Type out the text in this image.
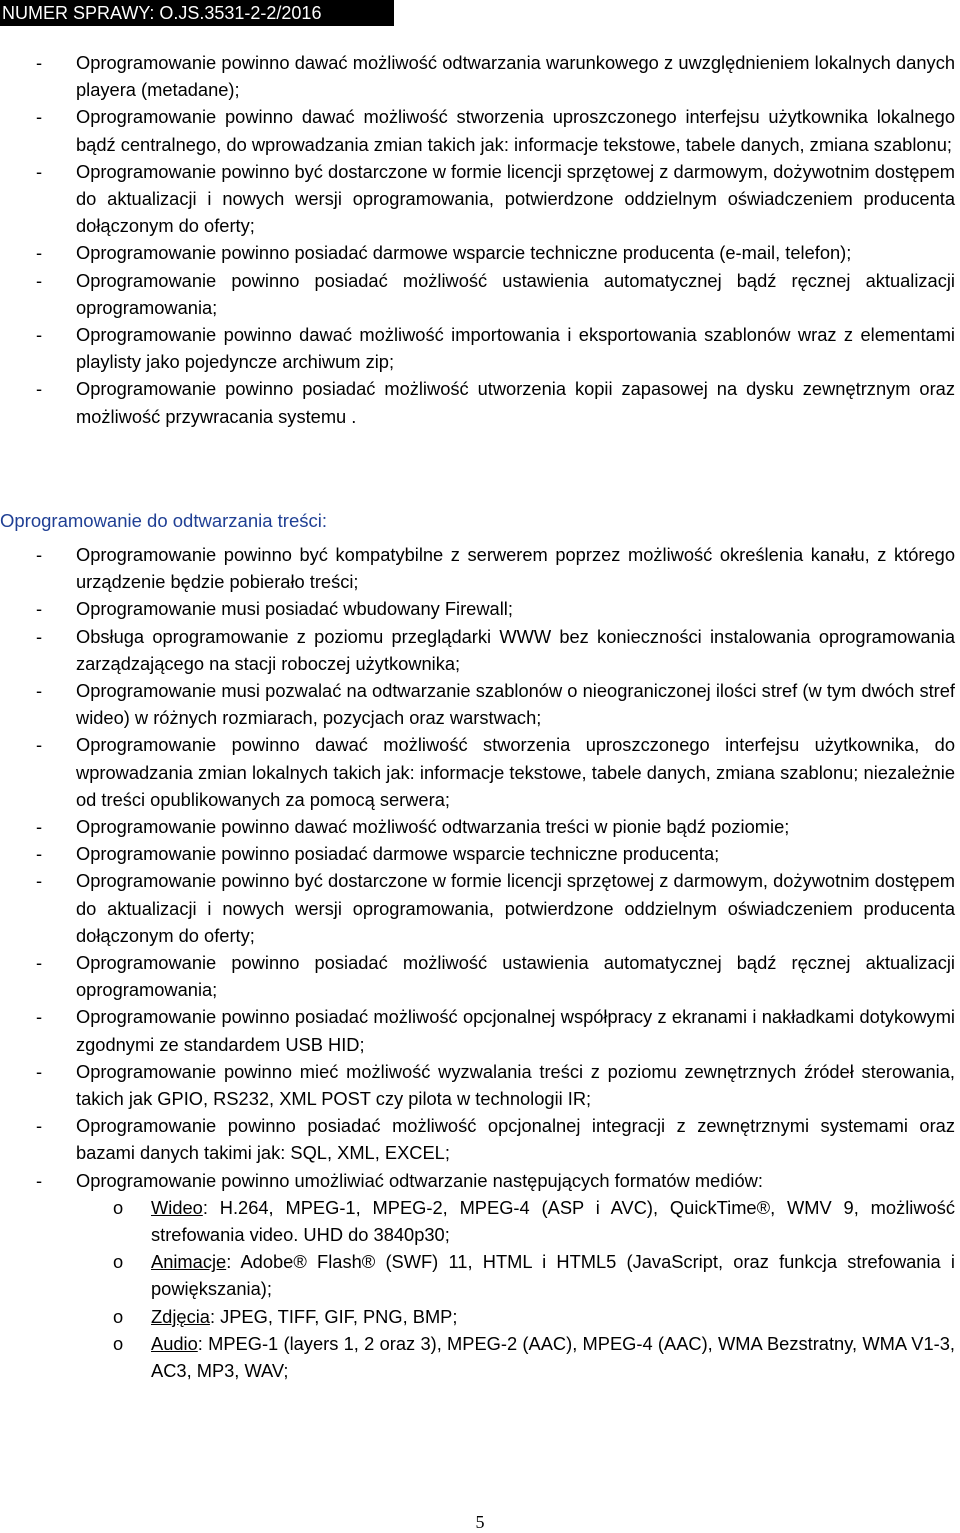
NUMER SPRAWY: O.JS.3531-2-2/2016
- Oprogramowanie powinno dawać możliwość odtwarzania warunkowego z uwzględnieniem lokalnych danych playera (metadane);
- Oprogramowanie powinno dawać możliwość stworzenia uproszczonego interfejsu użytkownika lokalnego bądź centralnego, do wprowadzania zmian takich jak: informacje tekstowe, tabele danych, zmiana szablonu;
- Oprogramowanie powinno być dostarczone w formie licencji sprzętowej z darmowym, dożywotnim dostępem do aktualizacji i nowych wersji oprogramowania, potwierdzone oddzielnym oświadczeniem producenta dołączonym do oferty;
- Oprogramowanie powinno posiadać darmowe wsparcie techniczne producenta (e-mail, telefon);
- Oprogramowanie powinno posiadać możliwość ustawienia automatycznej bądź ręcznej aktualizacji oprogramowania;
- Oprogramowanie powinno dawać możliwość importowania i eksportowania szablonów wraz z elementami playlisty jako pojedyncze archiwum zip;
- Oprogramowanie powinno posiadać możliwość utworzenia kopii zapasowej na dysku zewnętrznym oraz możliwość przywracania systemu .
Oprogramowanie do odtwarzania treści:
- Oprogramowanie powinno być kompatybilne z serwerem poprzez możliwość określenia kanału, z którego urządzenie będzie pobierało treści;
- Oprogramowanie musi posiadać wbudowany Firewall;
- Obsługa oprogramowanie z poziomu przeglądarki WWW bez konieczności instalowania oprogramowania zarządzającego na stacji roboczej użytkownika;
- Oprogramowanie musi pozwalać na odtwarzanie szablonów o nieograniczonej ilości stref (w tym dwóch stref wideo) w różnych rozmiarach, pozycjach oraz warstwach;
- Oprogramowanie powinno dawać możliwość stworzenia uproszczonego interfejsu użytkownika, do wprowadzania zmian lokalnych takich jak: informacje tekstowe, tabele danych, zmiana szablonu; niezależnie od treści opublikowanych za pomocą serwera;
- Oprogramowanie powinno dawać możliwość odtwarzania treści w pionie bądź poziomie;
- Oprogramowanie powinno posiadać darmowe wsparcie techniczne producenta;
- Oprogramowanie powinno być dostarczone w formie licencji sprzętowej z darmowym, dożywotnim dostępem do aktualizacji i nowych wersji oprogramowania, potwierdzone oddzielnym oświadczeniem producenta dołączonym do oferty;
- Oprogramowanie powinno posiadać możliwość ustawienia automatycznej bądź ręcznej aktualizacji oprogramowania;
- Oprogramowanie powinno posiadać możliwość opcjonalnej współpracy z ekranami i nakładkami dotykowymi zgodnymi ze standardem USB HID;
- Oprogramowanie powinno mieć możliwość wyzwalania treści z poziomu zewnętrznych źródeł sterowania, takich jak GPIO, RS232, XML POST czy pilota w technologii IR;
- Oprogramowanie powinno posiadać możliwość opcjonalnej integracji z zewnętrznymi systemami oraz bazami danych takimi jak: SQL, XML, EXCEL;
- Oprogramowanie powinno umożliwiać odtwarzanie następujących formatów mediów:
o Wideo: H.264, MPEG-1, MPEG-2, MPEG-4 (ASP i AVC), QuickTime®, WMV 9, możliwość strefowania video. UHD do 3840p30;
o Animacje: Adobe® Flash® (SWF) 11, HTML i HTML5 (JavaScript, oraz funkcja strefowania i powiększania);
o Zdjęcia: JPEG, TIFF, GIF, PNG, BMP;
o Audio: MPEG-1 (layers 1, 2 oraz 3), MPEG-2 (AAC), MPEG-4 (AAC), WMA Bezstratny, WMA V1-3, AC3, MP3, WAV;
5
